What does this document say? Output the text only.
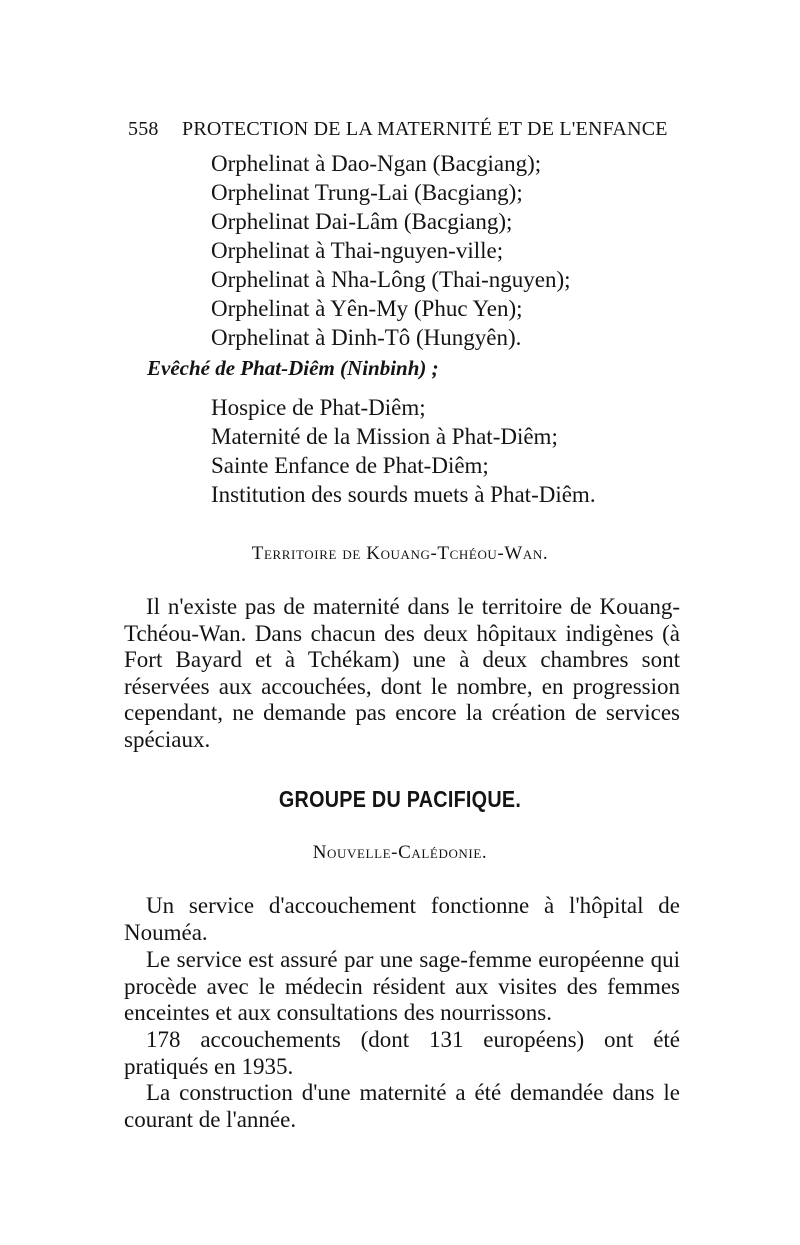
558 PROTECTION DE LA MATERNITÉ ET DE L'ENFANCE
Orphelinat à Dao-Ngan (Bacgiang);
Orphelinat Trung-Lai (Bacgiang);
Orphelinat Dai-Lâm (Bacgiang);
Orphelinat à Thai-nguyen-ville;
Orphelinat à Nha-Lông (Thai-nguyen);
Orphelinat à Yên-My (Phuc Yen);
Orphelinat à Dinh-Tô (Hungyên).
Evêché de Phat-Diêm (Ninbinh) ;
Hospice de Phat-Diêm;
Maternité de la Mission à Phat-Diêm;
Sainte Enfance de Phat-Diêm;
Institution des sourds muets à Phat-Diêm.
Territoire de Kouang-Tchéou-Wan.

Il n'existe pas de maternité dans le territoire de Kouang-Tchéou-Wan. Dans chacun des deux hôpitaux indigènes (à Fort Bayard et à Tchékam) une à deux chambres sont réservées aux accouchées, dont le nombre, en progression cependant, ne demande pas encore la création de services spéciaux.

GROUPE DU PACIFIQUE.
Nouvelle-Calédonie.

Un service d'accouchement fonctionne à l'hôpital de Nouméa.

Le service est assuré par une sage-femme européenne qui procède avec le médecin résident aux visites des femmes enceintes et aux consultations des nourrissons.

178 accouchements (dont 131 européens) ont été pratiqués en 1935.

La construction d'une maternité a été demandée dans le courant de l'année.
